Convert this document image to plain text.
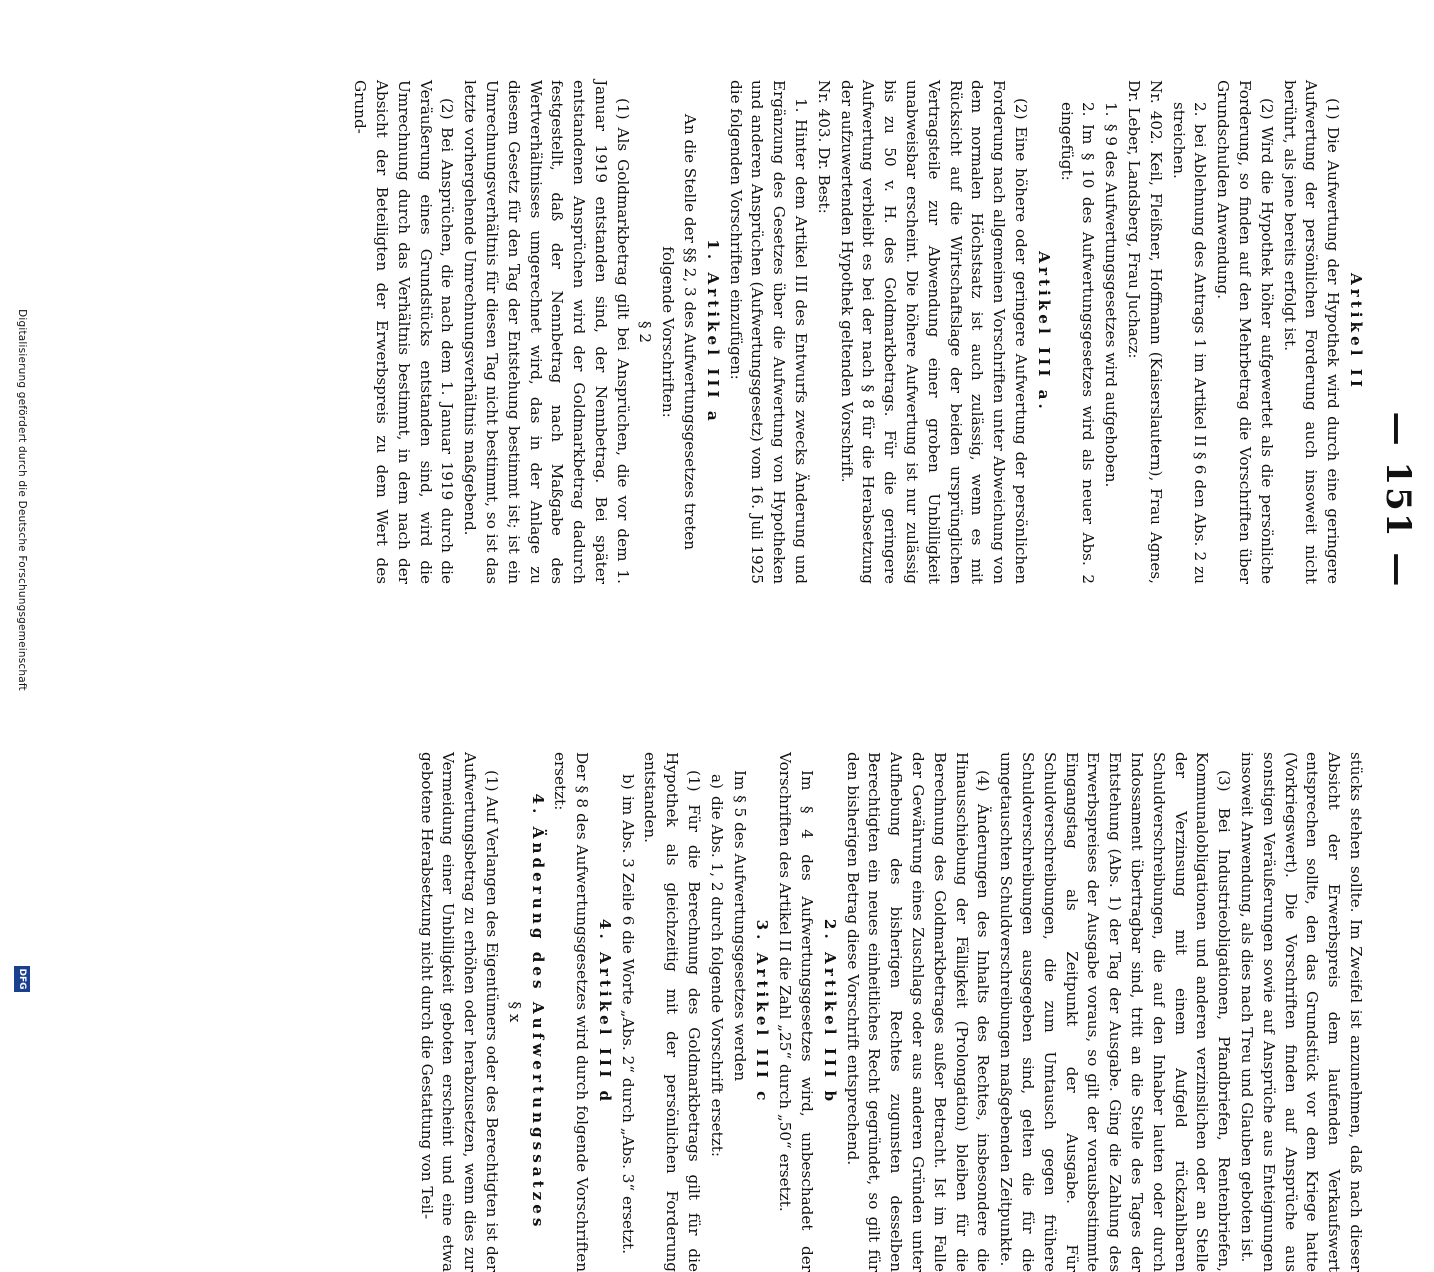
— 151 —

Artikel II

(1) Die Aufwertung der Hypothek wird durch eine geringere Aufwertung der persönlichen Forderung auch insoweit nicht berührt, als jene bereits erfolgt ist.

(2) Wird die Hypothek höher aufgewertet als die persönliche Forderung, so finden auf den Mehrbetrag die Vorschriften über Grundschulden Anwendung.

2.bei Ablehnung des Antrags 1 im Artikel II § 6 den Abs. 2 zu streichen.

Nr. 402. Keil, Fleißner, Hoffmann (Kaiserslautern), Frau Agnes, Dr. Leber, Landsberg, Frau Juchacz:

1.§ 9 des Aufwertungsgesetzes wird aufgehoben.

2.Im § 10 des Aufwertungsgesetzes wird als neuer Abs. 2 eingefügt:

Artikel III a.

(2) Eine höhere oder geringere Aufwertung der persönlichen Forderung nach allgemeinen Vorschriften unter Abweichung von dem normalen Höchstsatz ist auch zulässig, wenn es mit Rücksicht auf die Wirtschaftslage der beiden ursprünglichen Vertragsteile zur Abwendung einer groben Unbilligkeit unabweisbar erscheint. Die höhere Aufwertung ist nur zulässig bis zu 50 v. H. des Goldmarkbetrags. Für die geringere Aufwertung verbleibt es bei der nach § 8 für die Herabsetzung der aufzuwertenden Hypothek geltenden Vorschrift.

Nr. 403. Dr. Best:

1. Hinter dem Artikel III des Entwurfs zwecks Änderung und Ergänzung des Gesetzes über die Aufwertung von Hypotheken und anderen Ansprüchen (Aufwertungsgesetz) vom 16. Juli 1925 die folgenden Vorschriften einzufügen:

1. Artikel III a

An die Stelle der §§ 2, 3 des Aufwertungsgesetzes treten folgende Vorschriften:

§ 2

(1) Als Goldmarkbetrag gilt bei Ansprüchen, die vor dem 1. Januar 1919 entstanden sind, der Nennbetrag. Bei später entstandenen Ansprüchen wird der Goldmarkbetrag dadurch festgestellt, daß der Nennbetrag nach Maßgabe des Wertverhältnisses umgerechnet wird, das in der Anlage zu diesem Gesetz für den Tag der Entstehung bestimmt ist; ist ein Umrechnungsverhältnis für diesen Tag nicht bestimmt, so ist das letzte vorhergehende Umrechnungsverhältnis maßgebend.

(2) Bei Ansprüchen, die nach dem 1. Januar 1919 durch die Veräußerung eines Grundstücks entstanden sind, wird die Umrechnung durch das Verhältnis bestimmt, in dem nach der Absicht der Beteiligten der Erwerbspreis zu dem Wert des Grund-

stücks stehen sollte. Im Zweifel ist anzunehmen, daß nach dieser Absicht der Erwerbspreis dem laufenden Verkaufswert entsprechen sollte, den das Grundstück vor dem Kriege hatte (Vorkriegswert). Die Vorschriften finden auf Ansprüche aus sonstigen Veräußerungen sowie auf Ansprüche aus Enteignungen insoweit Anwendung, als dies nach Treu und Glauben geboten ist.

(3) Bei Industrieobligationen, Pfandbriefen, Rentenbriefen, Kommunalobligationen und anderen verzinslichen oder an Stelle der Verzinsung mit einem Aufgeld rückzahlbaren Schuldverschreibungen, die auf den Inhaber lauten oder durch Indossament übertragbar sind, tritt an die Stelle des Tages der Entstehung (Abs. 1) der Tag der Ausgabe. Ging die Zahlung des Erwerbspreises der Ausgabe voraus, so gilt der vorausbestimmte Eingangstag als Zeitpunkt der Ausgabe. Für Schuldverschreibungen, die zum Umtausch gegen frühere Schuldverschreibungen ausgegeben sind, gelten die für die umgetauschten Schuldverschreibungen maßgebenden Zeitpunkte.

(4) Änderungen des Inhalts des Rechtes, insbesondere die Hinausschiebung der Fälligkeit (Prolongation) bleiben für die Berechnung des Goldmarkbetrages außer Betracht. Ist im Falle der Gewährung eines Zuschlags oder aus anderen Gründen unter Aufhebung des bisherigen Rechtes zugunsten desselben Berechtigten ein neues einheitliches Recht gegründet, so gilt für den bisherigen Betrag diese Vorschrift entsprechend.

2. Artikel III b

Im § 4 des Aufwertungsgesetzes wird, unbeschadet der Vorschriften des Artikel II die Zahl „25“ durch „50“ ersetzt.

3. Artikel III c

Im § 5 des Aufwertungsgesetzes werden

a)die Abs. 1, 2 durch folgende Vorschrift ersetzt:

(1) Für die Berechnung des Goldmarkbetrags gilt für die Hypothek als gleichzeitig mit der persönlichen Forderung entstanden.

b)im Abs. 3 Zeile 6 die Worte „Abs. 2“ durch „Abs. 3“ ersetzt.

4. Artikel III d

Der § 8 des Aufwertungsgesetzes wird durch folgende Vorschriften ersetzt:

4. Änderung des Aufwertungssatzes

§ x

(1) Auf Verlangen des Eigentümers oder des Berechtigten ist der Aufwertungsbetrag zu erhöhen oder herabzusetzen, wenn dies zur Vermeidung einer Unbilligkeit geboten erscheint und eine etwa gebotene Herabsetzung nicht durch die Gestattung von Teil-

Digitalisierung gefördert durch die Deutsche Forschungsgemeinschaft
DFG
